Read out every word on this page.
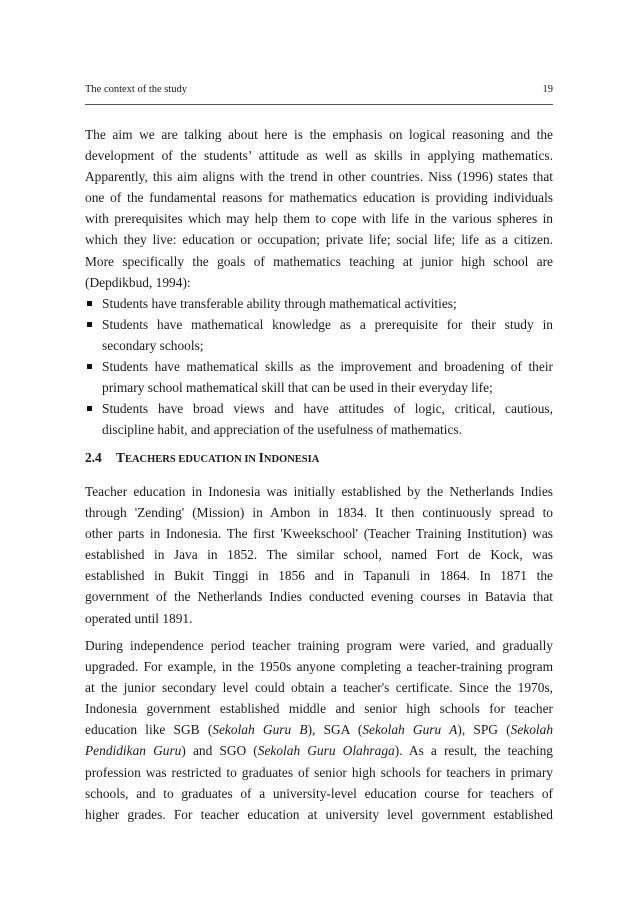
The context of the study	19

The aim we are talking about here is the emphasis on logical reasoning and the
development of the students’ attitude as well as skills in applying mathematics.
Apparently, this aim aligns with the trend in other countries. Niss (1996) states that
one of the fundamental reasons for mathematics education is providing individuals
with prerequisites which may help them to cope with life in the various spheres in
which they live: education or occupation; private life; social life; life as a citizen.
More specifically the goals of mathematics teaching at junior high school are
(Depdikbud, 1994):

Students have transferable ability through mathematical activities;
Students have mathematical knowledge as a prerequisite for their study in
secondary schools;
Students have mathematical skills as the improvement and broadening of their
primary school mathematical skill that can be used in their everyday life;
Students have broad views and have attitudes of logic, critical, cautious,
discipline habit, and appreciation of the usefulness of mathematics.
2.4	TEACHERS EDUCATION IN INDONESIA

Teacher education in Indonesia was initially established by the Netherlands Indies
through 'Zending' (Mission) in Ambon in 1834. It then continuously spread to
other parts in Indonesia. The first 'Kweekschool' (Teacher Training Institution) was
established in Java in 1852. The similar school, named Fort de Kock, was
established in Bukit Tinggi in 1856 and in Tapanuli in 1864. In 1871 the
government of the Netherlands Indies conducted evening courses in Batavia that
operated until 1891.

During independence period teacher training program were varied, and gradually
upgraded. For example, in the 1950s anyone completing a teacher-training program
at the junior secondary level could obtain a teacher's certificate. Since the 1970s,
Indonesia government established middle and senior high schools for teacher
education like SGB (Sekolah Guru B), SGA (Sekolah Guru A), SPG (Sekolah
Pendidikan Guru) and SGO (Sekolah Guru Olahraga). As a result, the teaching
profession was restricted to graduates of senior high schools for teachers in primary
schools, and to graduates of a university-level education course for teachers of
higher grades. For teacher education at university level government established
